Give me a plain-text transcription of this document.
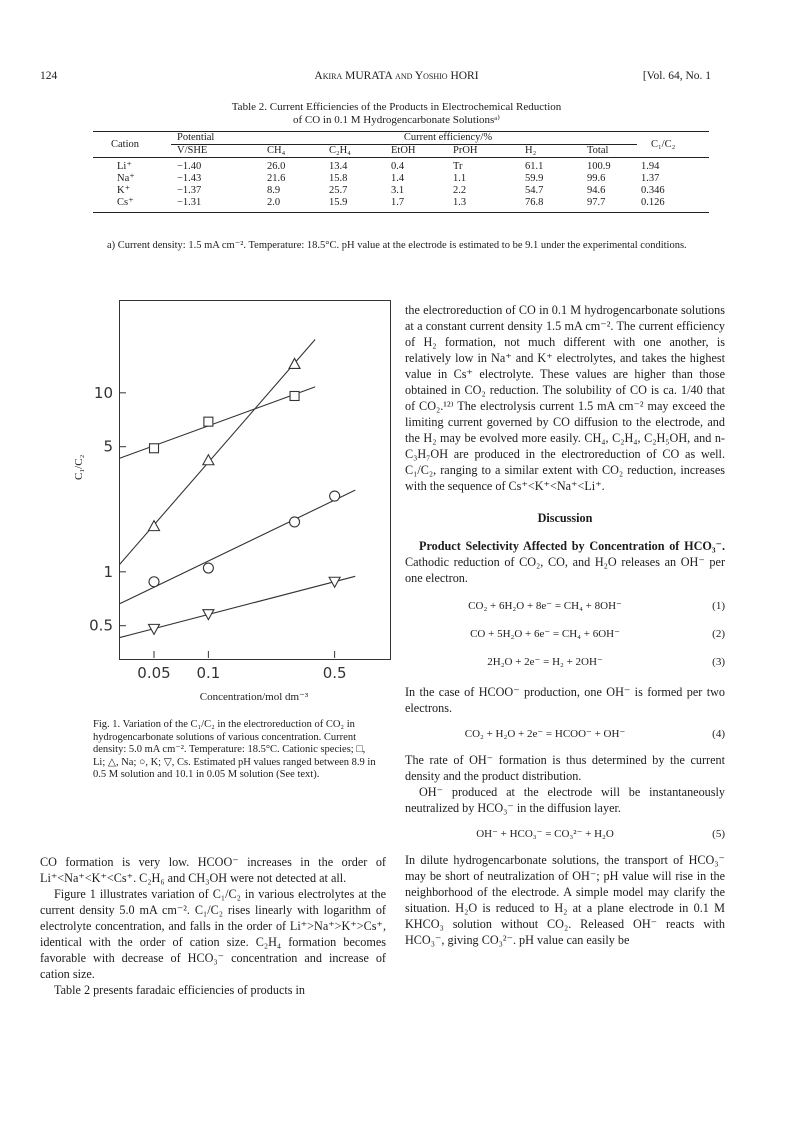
124	Akira MURATA and Yoshio HORI	[Vol. 64, No. 1
Table 2. Current Efficiencies of the Products in Electrochemical Reduction
of CO in 0.1 M Hydrogencarbonate Solutionsᵃ⁾
Cation	Potential	Current efficiency/%						C₁/C₂
	V/SHE	CH₄	C₂H₄	EtOH	PrOH	H₂	Total	
Li⁺	−1.40	26.0	13.4	0.4	Tr	61.1	100.9	1.94
Na⁺	−1.43	21.6	15.8	1.4	1.1	59.9	99.6	1.37
K⁺	−1.37	8.9	25.7	3.1	2.2	54.7	94.6	0.346
Cs⁺	−1.31	2.0	15.9	1.7	1.3	76.8	97.7	0.126
a) Current density: 1.5 mA cm⁻². Temperature: 18.5°C. pH value at the electrode is estimated to be 9.1 under the experimental conditions.
0.5
1
5
10
0.05 0.1	0.5
C₁/C₂
Concentration/mol dm⁻³
Fig. 1. Variation of the C₁/C₂ in the electroreduction of CO₂ in hydrogencarbonate solutions of various concentration. Current density: 5.0 mA cm⁻². Temperature: 18.5°C. Cationic species; □, Li; △, Na; ○, K; ▽, Cs. Estimated pH values ranged between 8.9 in 0.5 M solution and 10.1 in 0.05 M solution (See text).

CO formation is very low. HCOO⁻ increases in the order of Li⁺<Na⁺<K⁺<Cs⁺. C₂H₆ and CH₃OH were not detected at all.

Figure 1 illustrates variation of C₁/C₂ in various electrolytes at the current density 5.0 mA cm⁻². C₁/C₂ rises linearly with logarithm of electrolyte concentration, and falls in the order of Li⁺>Na⁺>K⁺>Cs⁺, identical with the order of cation size. C₂H₄ formation becomes favorable with decrease of HCO₃⁻ concentration and increase of cation size.

Table 2 presents faradaic efficiencies of products in

the electroreduction of CO in 0.1 M hydrogencarbonate solutions at a constant current density 1.5 mA cm⁻². The current efficiency of H₂ formation, not much different with one another, is relatively low in Na⁺ and K⁺ electrolytes, and takes the highest value in Cs⁺ electrolyte. These values are higher than those obtained in CO₂ reduction. The solubility of CO is ca. 1/40 that of CO₂.¹²⁾ The electrolysis current 1.5 mA cm⁻² may exceed the limiting current governed by CO diffusion to the electrode, and the H₂ may be evolved more easily. CH₄, C₂H₄, C₂H₅OH, and n-C₃H₇OH are produced in the electroreduction of CO as well. C₁/C₂, ranging to a similar extent with CO₂ reduction, increases with the sequence of Cs⁺<K⁺<Na⁺<Li⁺.

Discussion

Product Selectivity Affected by Concentration of HCO₃⁻. Cathodic reduction of CO₂, CO, and H₂O releases an OH⁻ per one electron.

CO₂ + 6H₂O + 8e⁻ = CH₄ + 8OH⁻	(1)
CO + 5H₂O + 6e⁻ = CH₄ + 6OH⁻	(2)
2H₂O + 2e⁻ = H₂ + 2OH⁻	(3)

In the case of HCOO⁻ production, one OH⁻ is formed per two electrons.

CO₂ + H₂O + 2e⁻ = HCOO⁻ + OH⁻	(4)

The rate of OH⁻ formation is thus determined by the current density and the product distribution.

OH⁻ produced at the electrode will be instantaneously neutralized by HCO₃⁻ in the diffusion layer.

OH⁻ + HCO₃⁻ = CO₃²⁻ + H₂O	(5)

In dilute hydrogencarbonate solutions, the transport of HCO₃⁻ may be short of neutralization of OH⁻; pH value will rise in the neighborhood of the electrode. A simple model may clarify the situation. H₂O is reduced to H₂ at a plane electrode in 0.1 M KHCO₃ solution without CO₂. Released OH⁻ reacts with HCO₃⁻, giving CO₃²⁻. pH value can easily be
